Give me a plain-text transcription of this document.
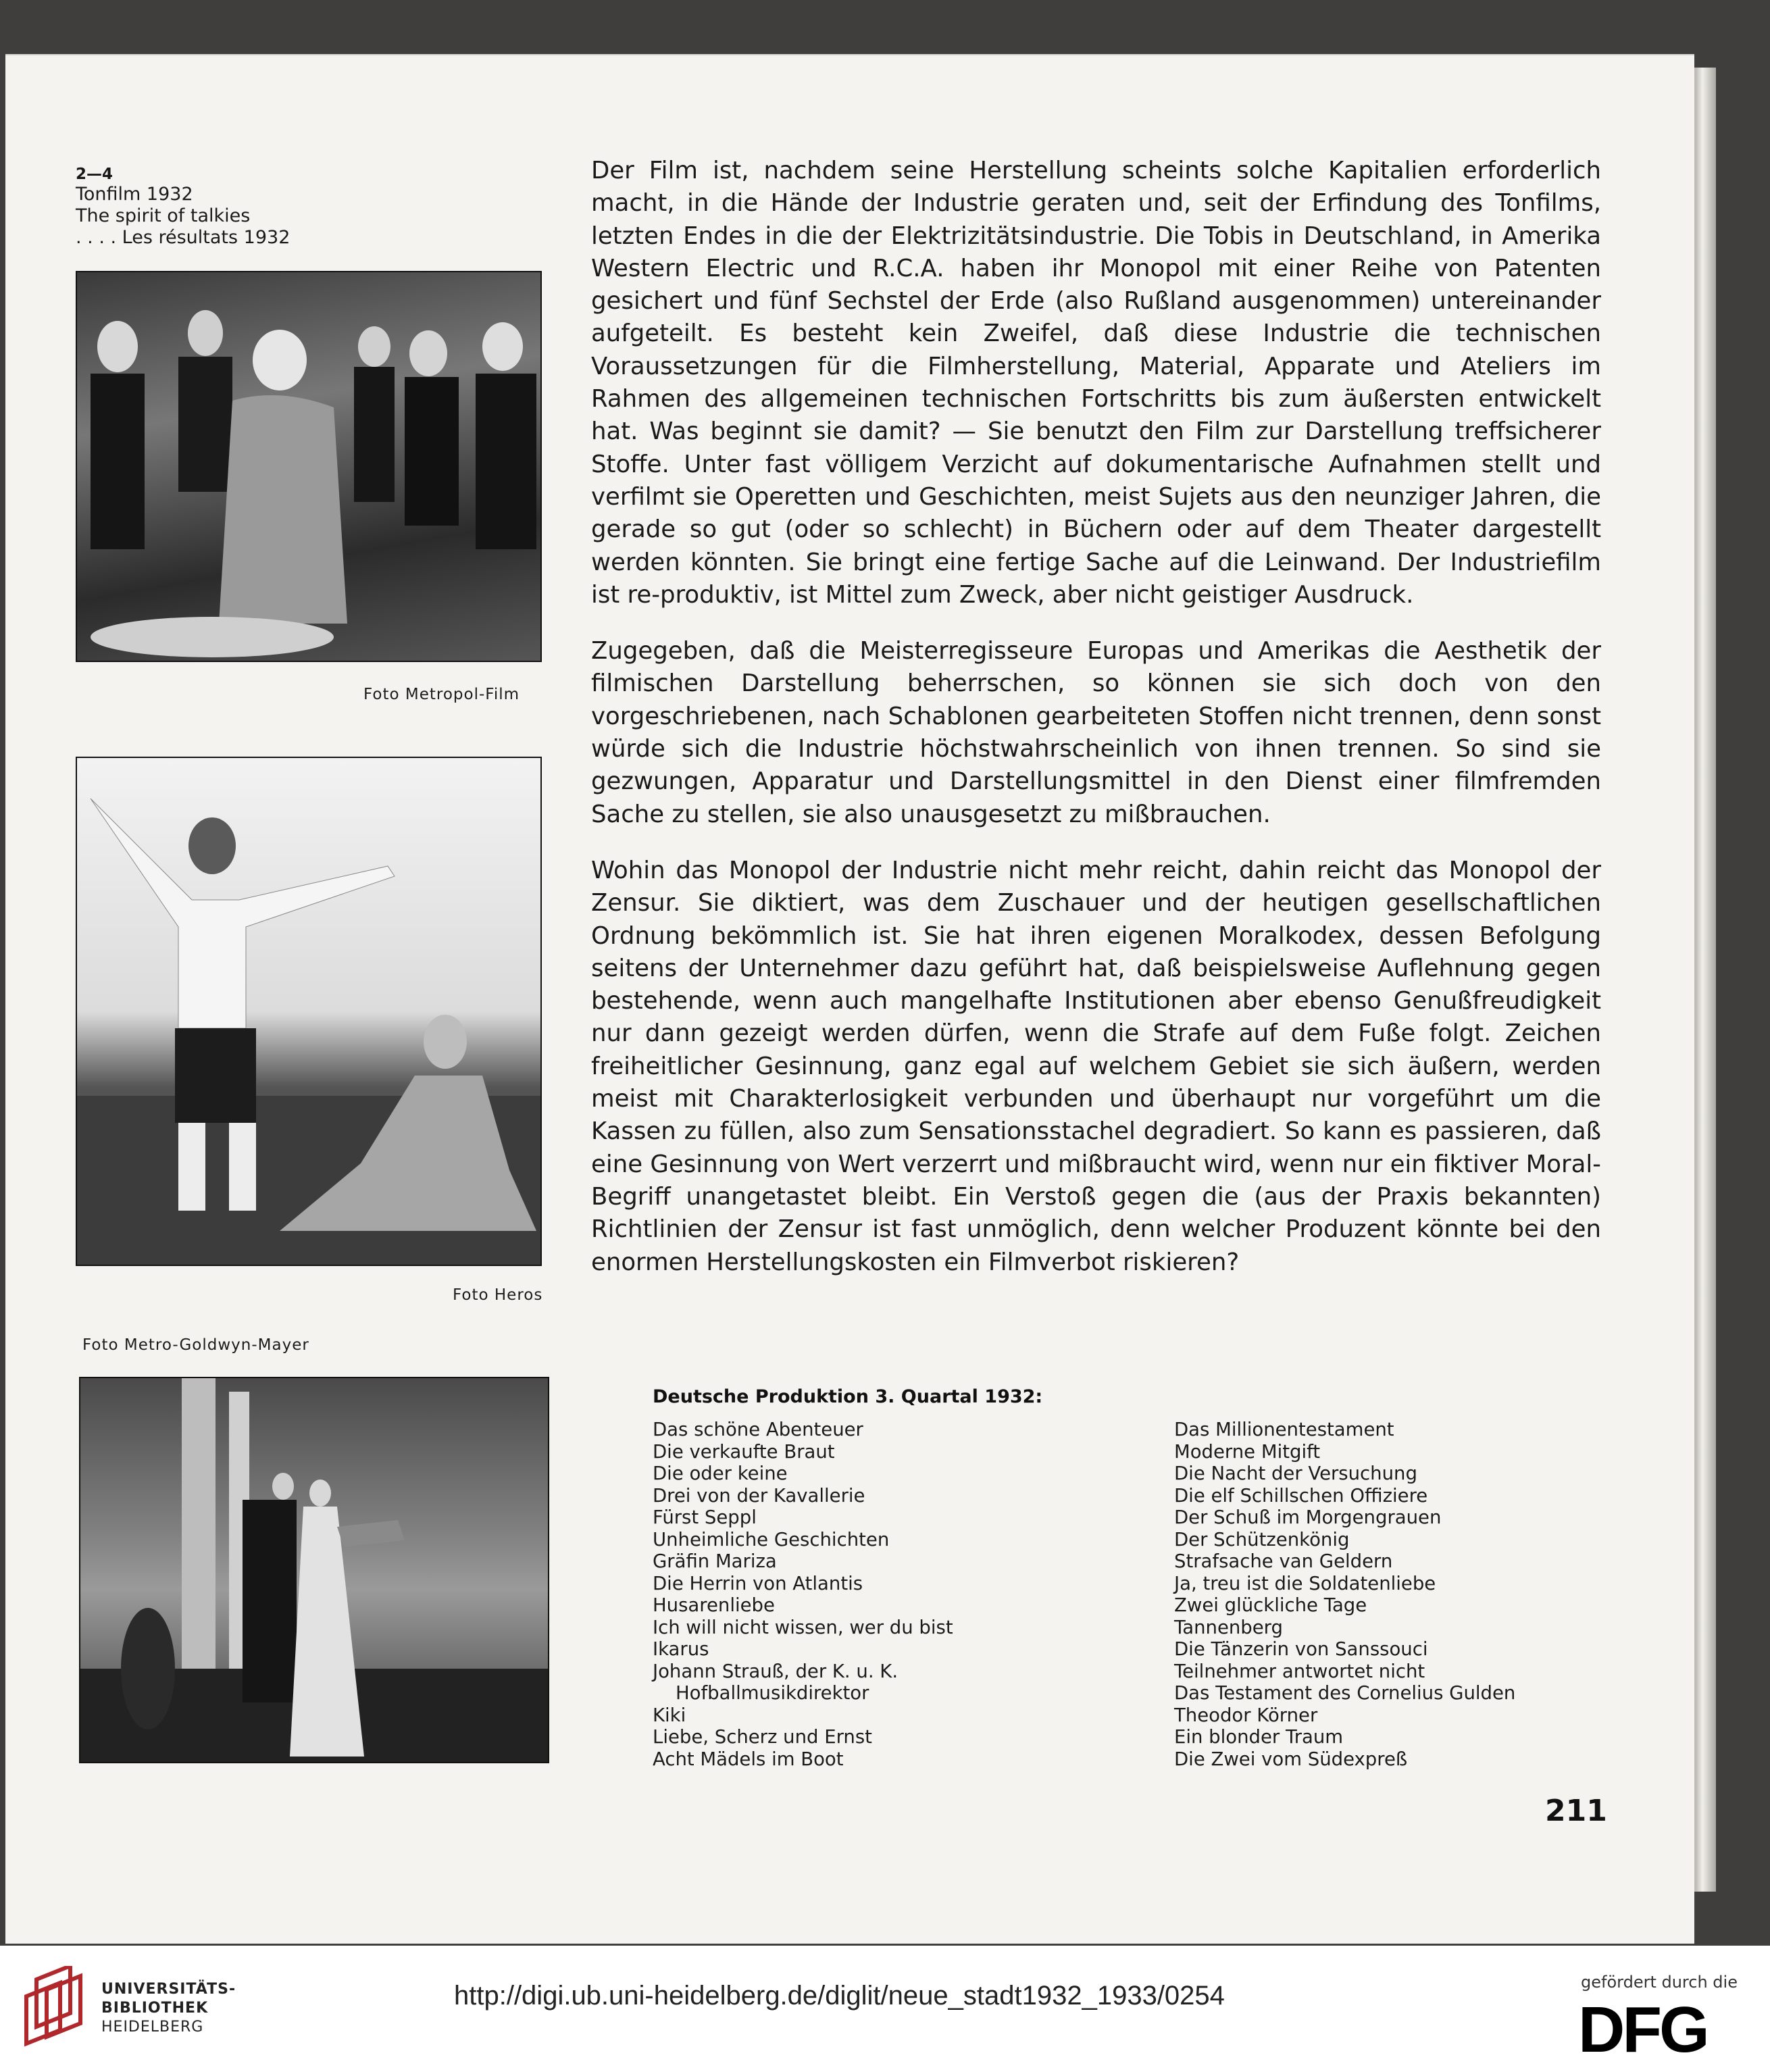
2—4
Tonfilm 1932
The spirit of talkies
. . . . Les résultats 1932
Foto Metropol-Film
Foto Heros
Foto Metro-Goldwyn-Mayer

Der Film ist, nachdem seine Herstellung scheints solche Kapitalien erforderlich macht, in die Hände der Industrie geraten und, seit der Erfindung des Tonfilms, letzten Endes in die der Elektrizitätsindustrie. Die Tobis in Deutschland, in Amerika Western Electric und R.C.A. haben ihr Monopol mit einer Reihe von Patenten gesichert und fünf Sechstel der Erde (also Rußland ausgenommen) untereinander aufgeteilt. Es besteht kein Zweifel, daß diese Industrie die technischen Voraussetzungen für die Filmherstellung, Material, Apparate und Ateliers im Rahmen des allgemeinen technischen Fortschritts bis zum äußersten entwickelt hat. Was beginnt sie damit? — Sie benutzt den Film zur Darstellung treffsicherer Stoffe. Unter fast völligem Verzicht auf dokumentarische Aufnahmen stellt und verfilmt sie Operetten und Geschichten, meist Sujets aus den neunziger Jahren, die gerade so gut (oder so schlecht) in Büchern oder auf dem Theater dargestellt werden könnten. Sie bringt eine fertige Sache auf die Leinwand. Der Industriefilm ist re-produktiv, ist Mittel zum Zweck, aber nicht geistiger Ausdruck.

Zugegeben, daß die Meisterregisseure Europas und Amerikas die Aesthetik der filmischen Darstellung beherrschen, so können sie sich doch von den vorgeschriebenen, nach Schablonen gearbeiteten Stoffen nicht trennen, denn sonst würde sich die Industrie höchstwahrscheinlich von ihnen trennen. So sind sie gezwungen, Apparatur und Darstellungsmittel in den Dienst einer filmfremden Sache zu stellen, sie also unausgesetzt zu mißbrauchen.

Wohin das Monopol der Industrie nicht mehr reicht, dahin reicht das Monopol der Zensur. Sie diktiert, was dem Zuschauer und der heutigen gesellschaftlichen Ordnung bekömmlich ist. Sie hat ihren eigenen Moralkodex, dessen Befolgung seitens der Unternehmer dazu geführt hat, daß beispielsweise Auflehnung gegen bestehende, wenn auch mangelhafte Institutionen aber ebenso Genußfreudigkeit nur dann gezeigt werden dürfen, wenn die Strafe auf dem Fuße folgt. Zeichen freiheitlicher Gesinnung, ganz egal auf welchem Gebiet sie sich äußern, werden meist mit Charakterlosigkeit verbunden und überhaupt nur vorgeführt um die Kassen zu füllen, also zum Sensationsstachel degradiert. So kann es passieren, daß eine Gesinnung von Wert verzerrt und mißbraucht wird, wenn nur ein fiktiver Moral-Begriff unangetastet bleibt. Ein Verstoß gegen die (aus der Praxis bekannten) Richtlinien der Zensur ist fast unmöglich, denn welcher Produzent könnte bei den enormen Herstellungskosten ein Filmverbot riskieren?

Deutsche Produktion 3. Quartal 1932:
Das schöne Abenteuer
Die verkaufte Braut
Die oder keine
Drei von der Kavallerie
Fürst Seppl
Unheimliche Geschichten
Gräfin Mariza
Die Herrin von Atlantis
Husarenliebe
Ich will nicht wissen, wer du bist
Ikarus
Johann Strauß, der K. u. K.
Hofballmusikdirektor
Kiki
Liebe, Scherz und Ernst
Acht Mädels im Boot
Das Millionentestament
Moderne Mitgift
Die Nacht der Versuchung
Die elf Schillschen Offiziere
Der Schuß im Morgengrauen
Der Schützenkönig
Strafsache van Geldern
Ja, treu ist die Soldatenliebe
Zwei glückliche Tage
Tannenberg
Die Tänzerin von Sanssouci
Teilnehmer antwortet nicht
Das Testament des Cornelius Gulden
Theodor Körner
Ein blonder Traum
Die Zwei vom Südexpreß
211
UNIVERSITÄTS-
BIBLIOTHEK
HEIDELBERG
http://digi.ub.uni-heidelberg.de/diglit/neue_stadt1932_1933/0254	gefördert durch die
DFG
